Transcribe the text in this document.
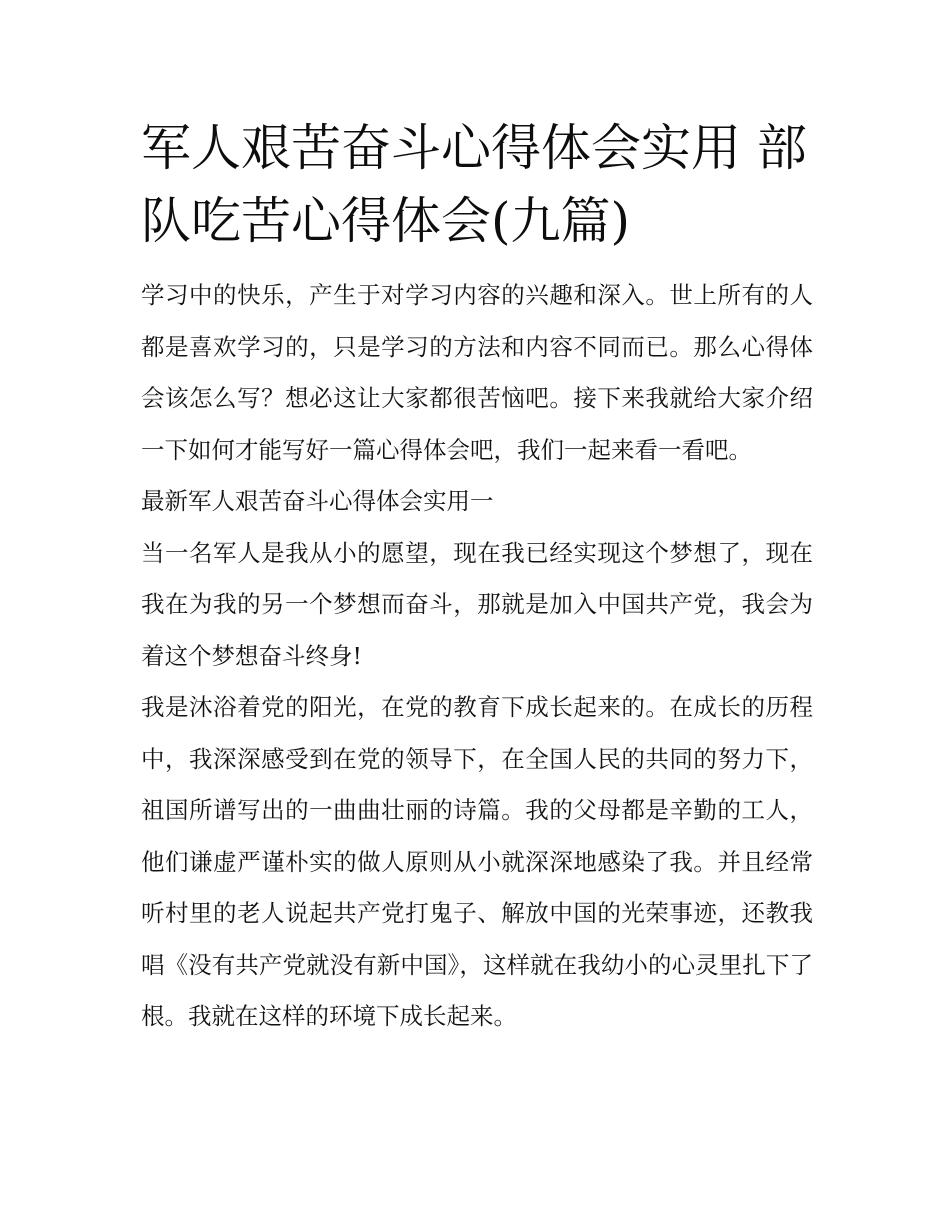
军人艰苦奋斗心得体会实用 部
队吃苦心得体会(九篇)

学习中的快乐，产生于对学习内容的兴趣和深入。世上所有的人都是喜欢学习的，只是学习的方法和内容不同而已。那么心得体会该怎么写？想必这让大家都很苦恼吧。接下来我就给大家介绍一下如何才能写好一篇心得体会吧，我们一起来看一看吧。

最新军人艰苦奋斗心得体会实用一

当一名军人是我从小的愿望，现在我已经实现这个梦想了，现在我在为我的另一个梦想而奋斗，那就是加入中国共产党，我会为着这个梦想奋斗终身!

我是沐浴着党的阳光，在党的教育下成长起来的。在成长的历程中，我深深感受到在党的领导下，在全国人民的共同的努力下，祖国所谱写出的一曲曲壮丽的诗篇。我的父母都是辛勤的工人，他们谦虚严谨朴实的做人原则从小就深深地感染了我。并且经常听村里的老人说起共产党打鬼子、解放中国的光荣事迹，还教我唱《没有共产党就没有新中国》，这样就在我幼小的心灵里扎下了根。我就在这样的环境下成长起来。
